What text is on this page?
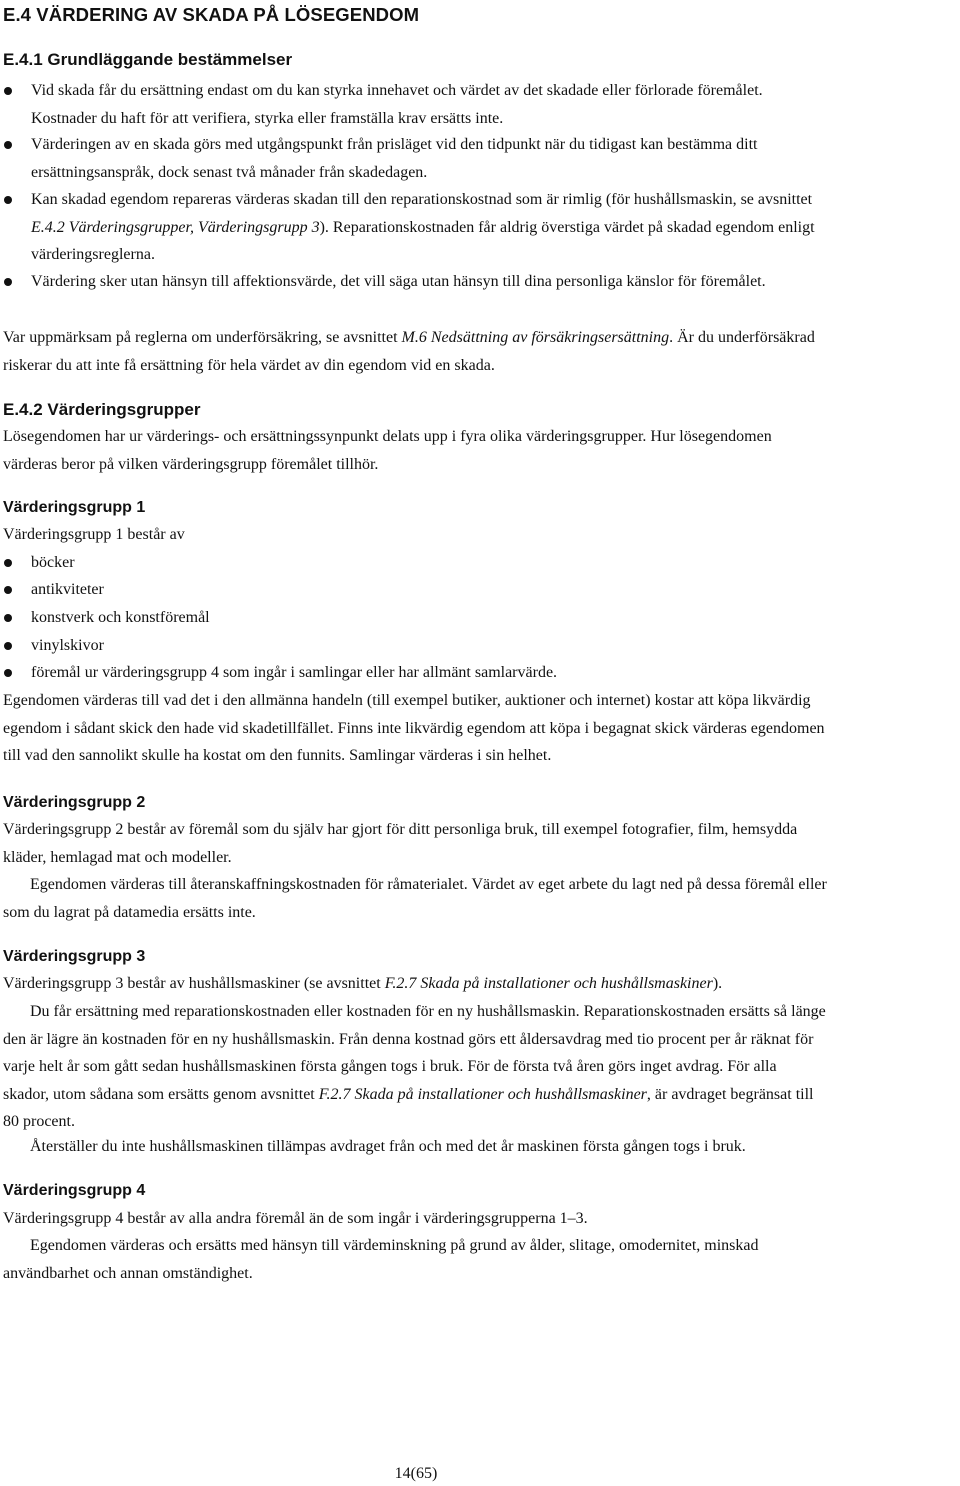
E.4 VÄRDERING AV SKADA PÅ LÖSEGENDOM
E.4.1 Grundläggande bestämmelser

Vid skada får du ersättning endast om du kan styrka innehavet och värdet av det skadade eller förlorade föremålet.
Kostnader du haft för att verifiera, styrka eller framställa krav ersätts inte.

Värderingen av en skada görs med utgångspunkt från prisläget vid den tidpunkt när du tidigast kan bestämma ditt
ersättningsanspråk, dock senast två månader från skadedagen.

Kan skadad egendom repareras värderas skadan till den reparationskostnad som är rimlig (för hushållsmaskin, se avsnittet
E.4.2 Värderingsgrupper, Värderingsgrupp 3). Reparationskostnaden får aldrig överstiga värdet på skadad egendom enligt
värderingsreglerna.

Värdering sker utan hänsyn till affektionsvärde, det vill säga utan hänsyn till dina personliga känslor för föremålet.

Var uppmärksam på reglerna om underförsäkring, se avsnittet M.6 Nedsättning av försäkringsersättning. Är du underförsäkrad
riskerar du att inte få ersättning för hela värdet av din egendom vid en skada.

E.4.2 Värderingsgrupper

Lösegendomen har ur värderings- och ersättningssynpunkt delats upp i fyra olika värderingsgrupper. Hur lösegendomen
värderas beror på vilken värderingsgrupp föremålet tillhör.

Värderingsgrupp 1

Värderingsgrupp 1 består av

böcker

antikviteter

konstverk och konstföremål

vinylskivor

föremål ur värderingsgrupp 4 som ingår i samlingar eller har allmänt samlarvärde.

Egendomen värderas till vad det i den allmänna handeln (till exempel butiker, auktioner och internet) kostar att köpa likvärdig
egendom i sådant skick den hade vid skadetillfället. Finns inte likvärdig egendom att köpa i begagnat skick värderas egendomen
till vad den sannolikt skulle ha kostat om den funnits. Samlingar värderas i sin helhet.

Värderingsgrupp 2

Värderingsgrupp 2 består av föremål som du själv har gjort för ditt personliga bruk, till exempel fotografier, film, hemsydda
kläder, hemlagad mat och modeller.

Egendomen värderas till återanskaffningskostnaden för råmaterialet. Värdet av eget arbete du lagt ned på dessa föremål eller
som du lagrat på datamedia ersätts inte.

Värderingsgrupp 3

Värderingsgrupp 3 består av hushållsmaskiner (se avsnittet F.2.7 Skada på installationer och hushållsmaskiner).

Du får ersättning med reparationskostnaden eller kostnaden för en ny hushållsmaskin. Reparationskostnaden ersätts så länge
den är lägre än kostnaden för en ny hushållsmaskin. Från denna kostnad görs ett åldersavdrag med tio procent per år räknat för
varje helt år som gått sedan hushållsmaskinen första gången togs i bruk. För de första två åren görs inget avdrag. För alla
skador, utom sådana som ersätts genom avsnittet F.2.7 Skada på installationer och hushållsmaskiner, är avdraget begränsat till
80 procent.

Återställer du inte hushållsmaskinen tillämpas avdraget från och med det år maskinen första gången togs i bruk.

Värderingsgrupp 4

Värderingsgrupp 4 består av alla andra föremål än de som ingår i värderingsgrupperna 1–3.

Egendomen värderas och ersätts med hänsyn till värdeminskning på grund av ålder, slitage, omodernitet, minskad
användbarhet och annan omständighet.

14(65)
